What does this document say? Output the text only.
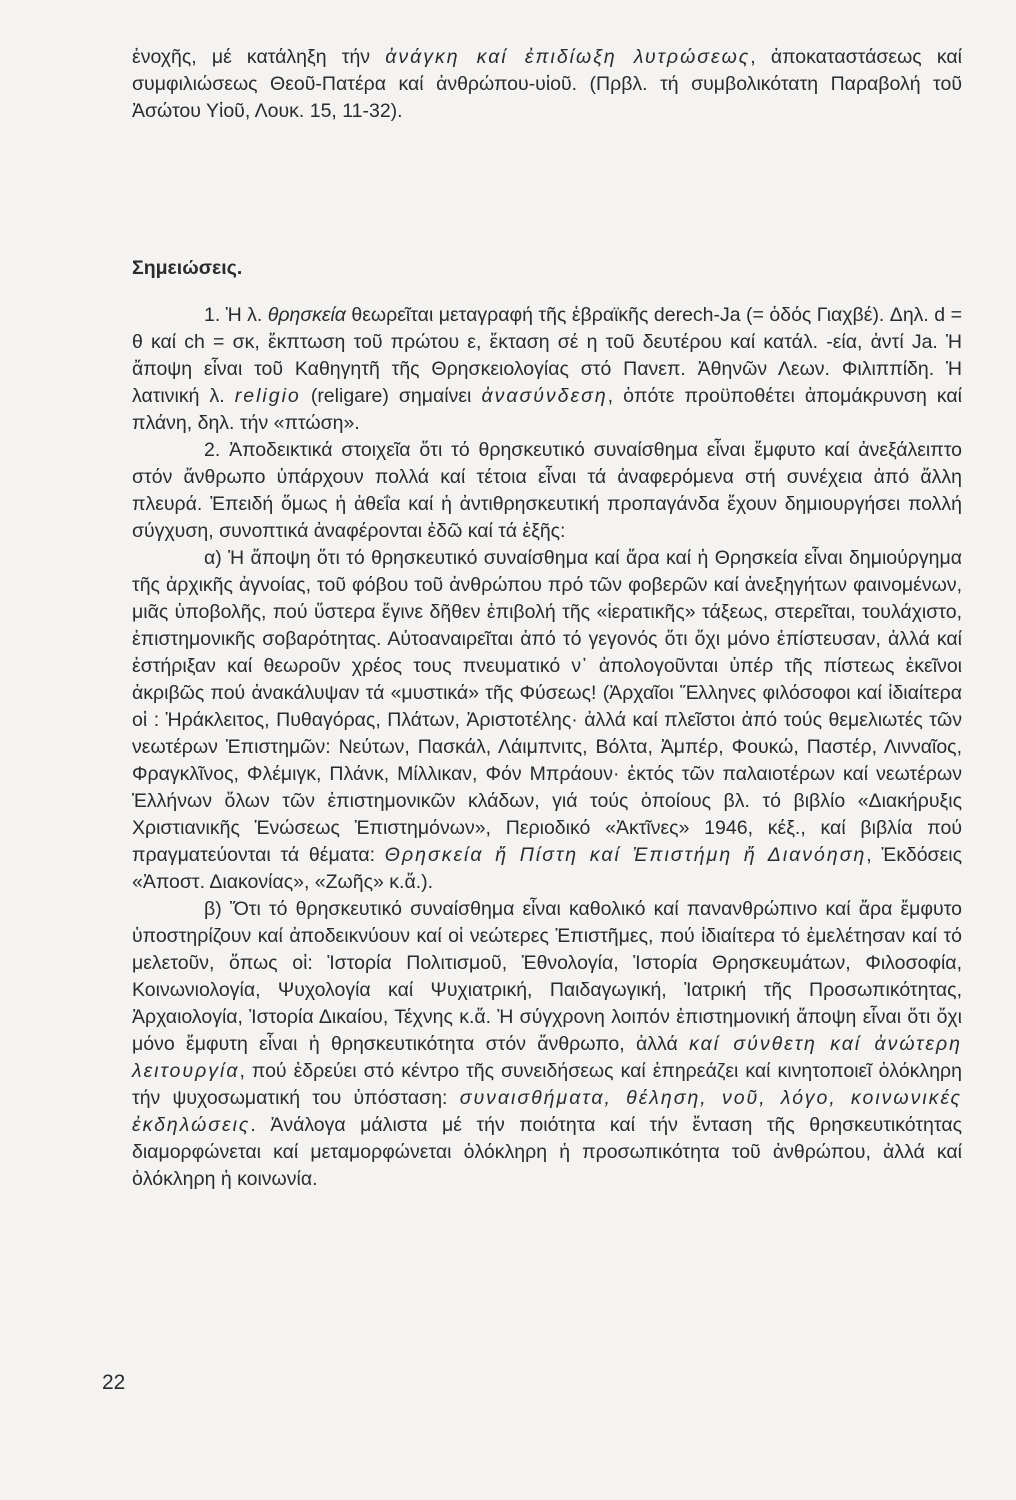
ἐνοχῆς, μέ κατάληξη τήν ἀνάγκη καί ἐπιδίωξη λυτρώσεως, ἀποκαταστάσεως καί συμφιλιώσεως Θεοῦ-Πατέρα καί ἀνθρώπου-υἱοῦ. (Πρβλ. τή συμβολικότατη Παραβολή τοῦ Ἀσώτου Υἱοῦ, Λουκ. 15, 11-32).

Σημειώσεις.

1. Ἡ λ. θρησκεία θεωρεῖται μεταγραφή τῆς ἑβραϊκῆς derech-Ja (= ὁδός Γιαχβέ). Δηλ. d = θ καί ch = σκ, ἔκπτωση τοῦ πρώτου ε, ἔκταση σέ η τοῦ δευτέρου καί κατάλ. -εία, ἀντί Ja. Ἡ ἄποψη εἶναι τοῦ Καθηγητῆ τῆς Θρησκειολογίας στό Πανεπ. Ἀθηνῶν Λεων. Φιλιππίδη. Ἡ λατινική λ. religio (religare) σημαίνει ἀνασύνδεση, ὁπότε προϋποθέτει ἀπομάκρυνση καί πλάνη, δηλ. τήν «πτώση».

2. Ἀποδεικτικά στοιχεῖα ὅτι τό θρησκευτικό συναίσθημα εἶναι ἔμφυτο καί ἀνεξάλειπτο στόν ἄνθρωπο ὑπάρχουν πολλά καί τέτοια εἶναι τά ἀναφερόμενα στή συνέχεια ἀπό ἄλλη πλευρά. Ἐπειδή ὅμως ἡ ἀθεΐα καί ἡ ἀντιθρησκευτική προπαγάνδα ἔχουν δημιουργήσει πολλή σύγχυση, συνοπτικά ἀναφέρονται ἐδῶ καί τά ἑξῆς:

α) Ἡ ἄποψη ὅτι τό θρησκευτικό συναίσθημα καί ἄρα καί ἡ Θρησκεία εἶναι δημιούργημα τῆς ἀρχικῆς ἀγνοίας, τοῦ φόβου τοῦ ἀνθρώπου πρό τῶν φοβερῶν καί ἀνεξηγήτων φαινομένων, μιᾶς ὑποβολῆς, πού ὕστερα ἔγινε δῆθεν ἐπιβολή τῆς «ἱερατικῆς» τάξεως, στερεῖται, τουλάχιστο, ἐπιστημονικῆς σοβαρότητας. Αὐτοαναιρεῖται ἀπό τό γεγονός ὅτι ὄχι μόνο ἐπίστευσαν, ἀλλά καί ἐστήριξαν καί θεωροῦν χρέος τους πνευματικό ν᾿ ἀπολογοῦνται ὑπέρ τῆς πίστεως ἐκεῖνοι ἀκριβῶς πού ἀνακάλυψαν τά «μυστικά» τῆς Φύσεως! (Ἀρχαῖοι Ἕλληνες φιλόσοφοι καί ἰδιαίτερα οἱ : Ἡράκλειτος, Πυθαγόρας, Πλάτων, Ἀριστοτέλης· ἀλλά καί πλεῖστοι ἀπό τούς θεμελιωτές τῶν νεωτέρων Ἐπιστημῶν: Νεύτων, Πασκάλ, Λάιμπνιτς, Βόλτα, Ἀμπέρ, Φουκώ, Παστέρ, Λινναῖος, Φραγκλῖνος, Φλέμιγκ, Πλάνκ, Μίλλικαν, Φόν Μπράουν· ἐκτός τῶν παλαιοτέρων καί νεωτέρων Ἑλλήνων ὅλων τῶν ἐπιστημονικῶν κλάδων, γιά τούς ὁποίους βλ. τό βιβλίο «Διακήρυξις Χριστιανικῆς Ἑνώσεως Ἐπιστημόνων», Περιοδικό «Ἀκτῖνες» 1946, κέξ., καί βιβλία πού πραγματεύονται τά θέματα: Θρησκεία ἤ Πίστη καί Ἐπιστήμη ἤ Διανόηση, Ἐκδόσεις «Ἀποστ. Διακονίας», «Ζωῆς» κ.ἄ.).

β) Ὅτι τό θρησκευτικό συναίσθημα εἶναι καθολικό καί πανανθρώπινο καί ἄρα ἔμφυτο ὑποστηρίζουν καί ἀποδεικνύουν καί οἱ νεώτερες Ἐπιστῆμες, πού ἰδιαίτερα τό ἐμελέτησαν καί τό μελετοῦν, ὅπως οἱ: Ἱστορία Πολιτισμοῦ, Ἐθνολογία, Ἱστορία Θρησκευμάτων, Φιλοσοφία, Κοινωνιολογία, Ψυχολογία καί Ψυχιατρική, Παιδαγωγική, Ἰατρική τῆς Προσωπικότητας, Ἀρχαιολογία, Ἱστορία Δικαίου, Τέχνης κ.ἄ. Ἡ σύγχρονη λοιπόν ἐπιστημονική ἄποψη εἶναι ὅτι ὄχι μόνο ἔμφυτη εἶναι ἡ θρησκευτικότητα στόν ἄνθρωπο, ἀλλά καί σύνθετη καί ἀνώτερη λειτουργία, πού ἑδρεύει στό κέντρο τῆς συνειδήσεως καί ἐπηρεάζει καί κινητοποιεῖ ὁλόκληρη τήν ψυχοσωματική του ὑπόσταση: συναισθήματα, θέληση, νοῦ, λόγο, κοινωνικές ἐκδηλώσεις. Ἀνάλογα μάλιστα μέ τήν ποιότητα καί τήν ἔνταση τῆς θρησκευτικότητας διαμορφώνεται καί μεταμορφώνεται ὁλόκληρη ἡ προσωπικότητα τοῦ ἀνθρώπου, ἀλλά καί ὁλόκληρη ἡ κοινωνία.

22
